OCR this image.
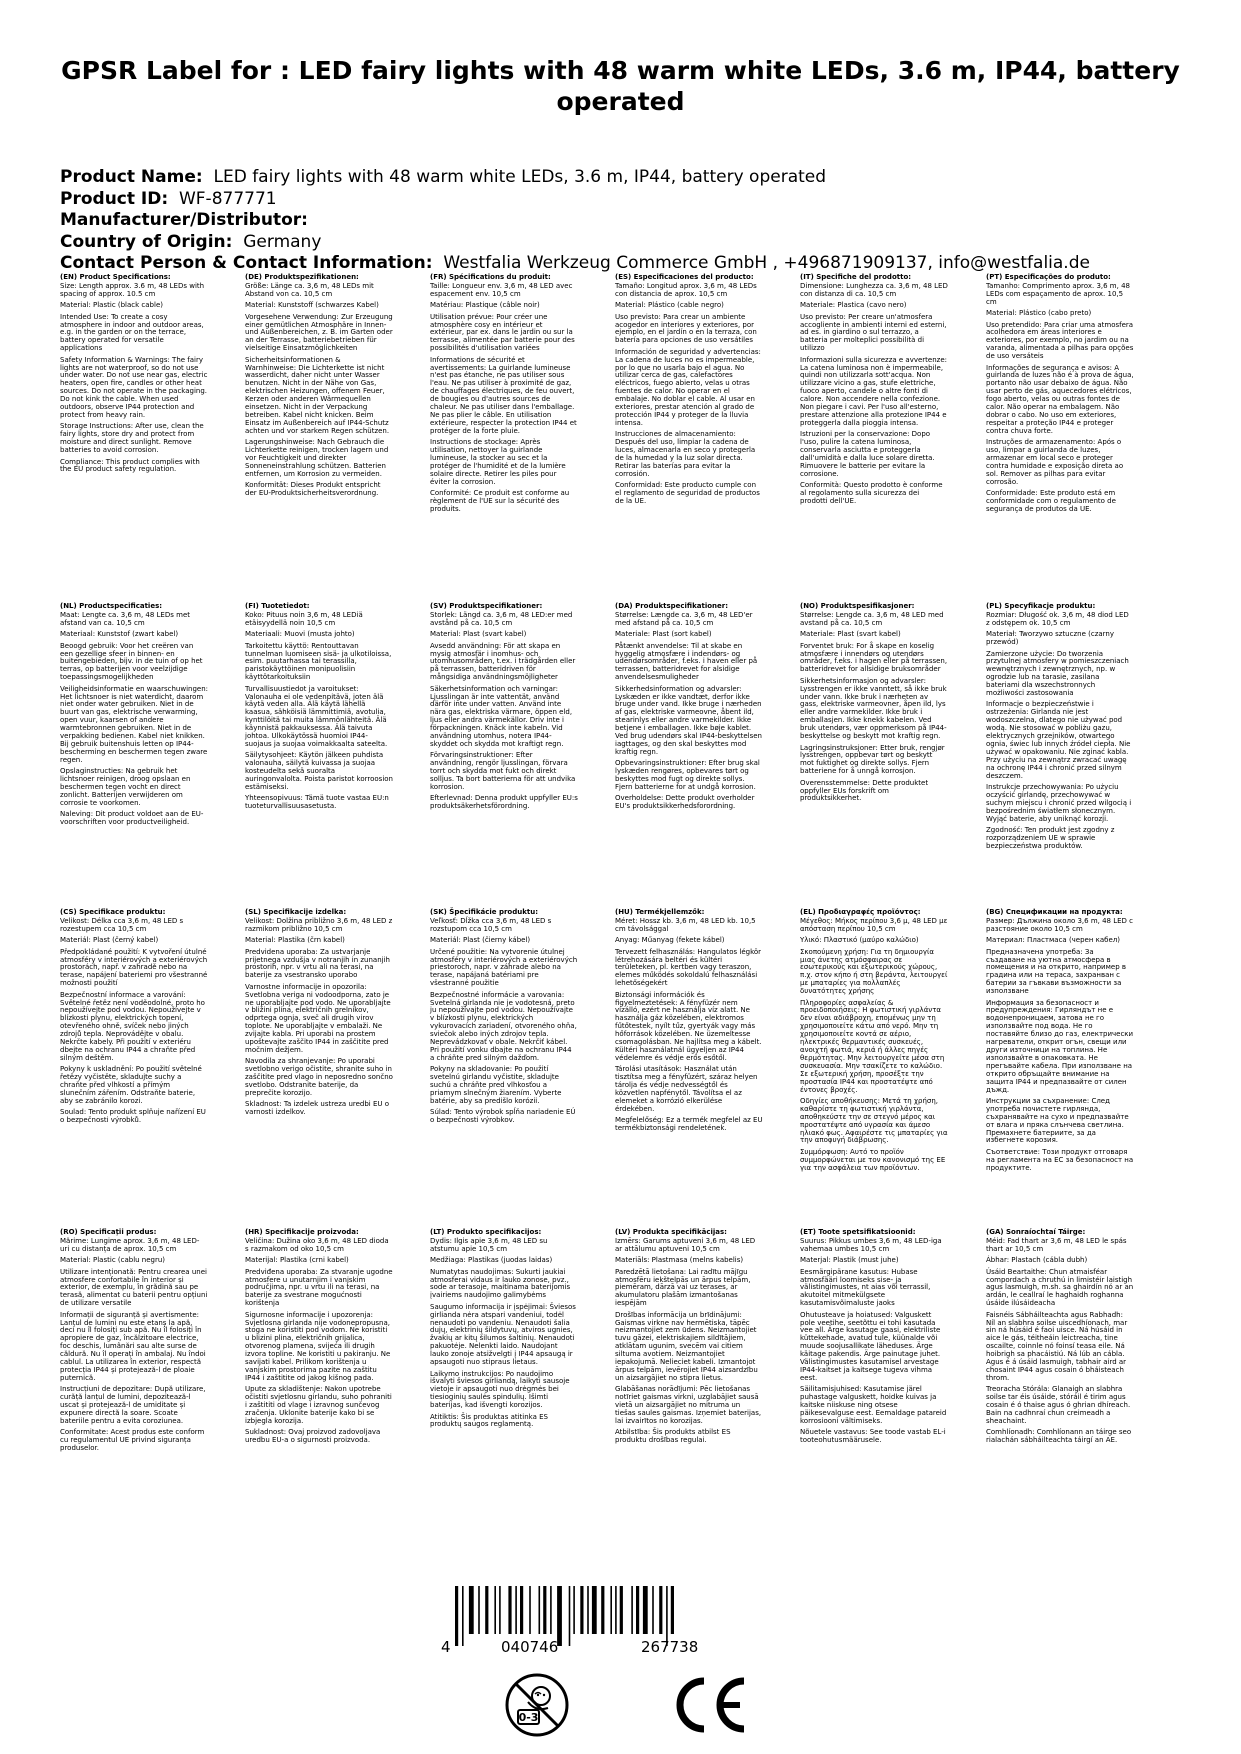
GPSR Label for : LED fairy lights with 48 warm white LEDs, 3.6 m, IP44, battery operated
Product Name: LED fairy lights with 48 warm white LEDs, 3.6 m, IP44, battery operated
Product ID: WF-877771
Manufacturer/Distributor:
Country of Origin: Germany
Contact Person & Contact Information: Westfalia Werkzeug Commerce GmbH , +496871909137, info@westfalia.de
(EN) Product Specifications:

Size: Length approx. 3.6 m, 48 LEDs with spacing of approx. 10.5 cm

Material: Plastic (black cable)

Intended Use: To create a cosy atmosphere in indoor and outdoor areas, e.g. in the garden or on the terrace, battery operated for versatile applications

Safety Information & Warnings: The fairy lights are not waterproof, so do not use under water. Do not use near gas, electric heaters, open fire, candles or other heat sources. Do not operate in the packaging. Do not kink the cable. When used outdoors, observe IP44 protection and protect from heavy rain.

Storage Instructions: After use, clean the fairy lights, store dry and protect from moisture and direct sunlight. Remove batteries to avoid corrosion.

Compliance: This product complies with the EU product safety regulation.

(DE) Produktspezifikationen:

Größe: Länge ca. 3,6 m, 48 LEDs mit Abstand von ca. 10,5 cm

Material: Kunststoff (schwarzes Kabel)

Vorgesehene Verwendung: Zur Erzeugung einer gemütlichen Atmosphäre in Innen- und Außenbereichen, z. B. im Garten oder an der Terrasse, batteriebetrieben für vielseitige Einsatzmöglichkeiten

Sicherheitsinformationen & Warnhinweise: Die Lichterkette ist nicht wasserdicht, daher nicht unter Wasser benutzen. Nicht in der Nähe von Gas, elektrischen Heizungen, offenem Feuer, Kerzen oder anderen Wärmequellen einsetzen. Nicht in der Verpackung betreiben. Kabel nicht knicken. Beim Einsatz im Außenbereich auf IP44-Schutz achten und vor starkem Regen schützen.

Lagerungshinweise: Nach Gebrauch die Lichterkette reinigen, trocken lagern und vor Feuchtigkeit und direkter Sonneneinstrahlung schützen. Batterien entfernen, um Korrosion zu vermeiden.

Konformität: Dieses Produkt entspricht der EU-Produktsicherheitsverordnung.

(FR) Spécifications du produit:

Taille: Longueur env. 3,6 m, 48 LED avec espacement env. 10,5 cm

Matériau: Plastique (câble noir)

Utilisation prévue: Pour créer une atmosphère cosy en intérieur et extérieur, par ex. dans le jardin ou sur la terrasse, alimentée par batterie pour des possibilités d'utilisation variées

Informations de sécurité et avertissements: La guirlande lumineuse n'est pas étanche, ne pas utiliser sous l'eau. Ne pas utiliser à proximité de gaz, de chauffages électriques, de feu ouvert, de bougies ou d'autres sources de chaleur. Ne pas utiliser dans l'emballage. Ne pas plier le câble. En utilisation extérieure, respecter la protection IP44 et protéger de la forte pluie.

Instructions de stockage: Après utilisation, nettoyer la guirlande lumineuse, la stocker au sec et la protéger de l'humidité et de la lumière solaire directe. Retirer les piles pour éviter la corrosion.

Conformité: Ce produit est conforme au règlement de l'UE sur la sécurité des produits.

(ES) Especificaciones del producto:

Tamaño: Longitud aprox. 3,6 m, 48 LEDs con distancia de aprox. 10,5 cm

Material: Plástico (cable negro)

Uso previsto: Para crear un ambiente acogedor en interiores y exteriores, por ejemplo, en el jardín o en la terraza, con batería para opciones de uso versátiles

Información de seguridad y advertencias: La cadena de luces no es impermeable, por lo que no usarla bajo el agua. No utilizar cerca de gas, calefactores eléctricos, fuego abierto, velas u otras fuentes de calor. No operar en el embalaje. No doblar el cable. Al usar en exteriores, prestar atención al grado de protección IP44 y proteger de la lluvia intensa.

Instrucciones de almacenamiento: Después del uso, limpiar la cadena de luces, almacenarla en seco y protegerla de la humedad y la luz solar directa. Retirar las baterías para evitar la corrosión.

Conformidad: Este producto cumple con el reglamento de seguridad de productos de la UE.

(IT) Specifiche del prodotto:

Dimensione: Lunghezza ca. 3,6 m, 48 LED con distanza di ca. 10,5 cm

Materiale: Plastica (cavo nero)

Uso previsto: Per creare un'atmosfera accogliente in ambienti interni ed esterni, ad es. in giardino o sul terrazzo, a batteria per molteplici possibilità di utilizzo

Informazioni sulla sicurezza e avvertenze: La catena luminosa non è impermeabile, quindi non utilizzarla sott'acqua. Non utilizzare vicino a gas, stufe elettriche, fuoco aperto, candele o altre fonti di calore. Non accendere nella confezione. Non piegare i cavi. Per l'uso all'esterno, prestare attenzione alla protezione IP44 e proteggerla dalla pioggia intensa.

Istruzioni per la conservazione: Dopo l'uso, pulire la catena luminosa, conservarla asciutta e proteggerla dall'umidità e dalla luce solare diretta. Rimuovere le batterie per evitare la corrosione.

Conformità: Questo prodotto è conforme al regolamento sulla sicurezza dei prodotti dell'UE.

(PT) Especificações do produto:

Tamanho: Comprimento aprox. 3,6 m, 48 LEDs com espaçamento de aprox. 10,5 cm

Material: Plástico (cabo preto)

Uso pretendido: Para criar uma atmosfera acolhedora em áreas interiores e exteriores, por exemplo, no jardim ou na varanda, alimentada a pilhas para opções de uso versáteis

Informações de segurança e avisos: A guirlanda de luzes não é à prova de água, portanto não usar debaixo de água. Não usar perto de gás, aquecedores elétricos, fogo aberto, velas ou outras fontes de calor. Não operar na embalagem. Não dobrar o cabo. No uso em exteriores, respeitar a proteção IP44 e proteger contra chuva forte.

Instruções de armazenamento: Após o uso, limpar a guirlanda de luzes, armazenar em local seco e proteger contra humidade e exposição direta ao sol. Remover as pilhas para evitar corrosão.

Conformidade: Este produto está em conformidade com o regulamento de segurança de produtos da UE.

(NL) Productspecificaties:

Maat: Lengte ca. 3,6 m, 48 LEDs met afstand van ca. 10,5 cm

Materiaal: Kunststof (zwart kabel)

Beoogd gebruik: Voor het creëren van een gezellige sfeer in binnen- en buitengebieden, bijv. in de tuin of op het terras, op batterijen voor veelzijdige toepassingsmogelijkheden

Veiligheidsinformatie en waarschuwingen: Het lichtsnoer is niet waterdicht, daarom niet onder water gebruiken. Niet in de buurt van gas, elektrische verwarming, open vuur, kaarsen of andere warmtebronnen gebruiken. Niet in de verpakking bedienen. Kabel niet knikken. Bij gebruik buitenshuis letten op IP44-bescherming en beschermen tegen zware regen.

Opslaginstructies: Na gebruik het lichtsnoer reinigen, droog opslaan en beschermen tegen vocht en direct zonlicht. Batterijen verwijderen om corrosie te voorkomen.

Naleving: Dit product voldoet aan de EU-voorschriften voor productveiligheid.

(FI) Tuotetiedot:

Koko: Pituus noin 3,6 m, 48 LEDiä etäisyydellä noin 10,5 cm

Materiaali: Muovi (musta johto)

Tarkoitettu käyttö: Rentouttavan tunnelman luomiseen sisä- ja ulkotiloissa, esim. puutarhassa tai terassilla, paristokäyttöinen monipuolisiin käyttötarkoituksiin

Turvallisuustiedot ja varoitukset: Valonauha ei ole vedenpitävä, joten älä käytä veden alla. Älä käytä lähellä kaasua, sähköisiä lämmittimiä, avotulia, kynttilöitä tai muita lämmönlähteitä. Älä käynnistä pakkauksessa. Älä taivuta johtoa. Ulkokäytössä huomioi IP44-suojaus ja suojaa voimakkaalta sateelta.

Säilytysohjeet: Käytön jälkeen puhdista valonauha, säilytä kuivassa ja suojaa kosteudelta sekä suoralta auringonvalolta. Poista paristot korroosion estämiseksi.

Yhteensopivuus: Tämä tuote vastaa EU:n tuoteturvallisuusasetusta.

(SV) Produktspecifikationer:

Storlek: Längd ca. 3,6 m, 48 LED:er med avstånd på ca. 10,5 cm

Material: Plast (svart kabel)

Avsedd användning: För att skapa en mysig atmosfär i inomhus- och utomhusområden, t.ex. i trädgården eller på terrassen, batteridriven för mångsidiga användningsmöjligheter

Säkerhetsinformation och varningar: Ljusslingan är inte vattentät, använd därför inte under vatten. Använd inte nära gas, elektriska värmare, öppen eld, ljus eller andra värmekällor. Driv inte i förpackningen. Knäck inte kabeln. Vid användning utomhus, notera IP44-skyddet och skydda mot kraftigt regn.

Förvaringsinstruktioner: Efter användning, rengör ljusslingan, förvara torrt och skydda mot fukt och direkt solljus. Ta bort batterierna för att undvika korrosion.

Efterlevnad: Denna produkt uppfyller EU:s produktsäkerhetsförordning.

(DA) Produktspecifikationer:

Størrelse: Længde ca. 3,6 m, 48 LED'er med afstand på ca. 10,5 cm

Materiale: Plast (sort kabel)

Påtænkt anvendelse: Til at skabe en hyggelig atmosfære i indendørs- og udendørsområder, f.eks. i haven eller på terrassen, batteridrevet for alsidige anvendelsesmuligheder

Sikkerhedsinformation og advarsler: Lyskæden er ikke vandtæt, derfor ikke bruge under vand. Ikke bruge i nærheden af gas, elektriske varmeovne, åbent ild, stearinlys eller andre varmekilder. Ikke betjene i emballagen. Ikke bøje kablet. Ved brug udendørs skal IP44-beskyttelsen iagttages, og den skal beskyttes mod kraftig regn.

Opbevaringsinstruktioner: Efter brug skal lyskæden rengøres, opbevares tørt og beskyttes mod fugt og direkte sollys. Fjern batterierne for at undgå korrosion.

Overholdelse: Dette produkt overholder EU's produktsikkerhedsforordning.

(NO) Produktspesifikasjoner:

Størrelse: Lengde ca. 3,6 m, 48 LED med avstand på ca. 10,5 cm

Materiale: Plast (svart kabel)

Forventet bruk: For å skape en koselig atmosfære i innendørs og utendørs områder, f.eks. i hagen eller på terrassen, batteridrevet for allsidige bruksområder

Sikkerhetsinformasjon og advarsler: Lysstrengen er ikke vanntett, så ikke bruk under vann. Ikke bruk i nærheten av gass, elektriske varmeovner, åpen ild, lys eller andre varmekilder. Ikke bruk i emballasjen. Ikke knekk kabelen. Ved bruk utendørs, vær oppmerksom på IP44-beskyttelse og beskytt mot kraftig regn.

Lagringsinstruksjoner: Etter bruk, rengjør lysstrengen, oppbevar tørt og beskytt mot fuktighet og direkte sollys. Fjern batteriene for å unngå korrosjon.

Overensstemmelse: Dette produktet oppfyller EUs forskrift om produktsikkerhet.

(PL) Specyfikacje produktu:

Rozmiar: Długość ok. 3,6 m, 48 diod LED z odstępem ok. 10,5 cm

Materiał: Tworzywo sztuczne (czarny przewód)

Zamierzone użycie: Do tworzenia przytulnej atmosfery w pomieszczeniach wewnętrznych i zewnętrznych, np. w ogrodzie lub na tarasie, zasilana bateriami dla wszechstronnych możliwości zastosowania

Informacje o bezpieczeństwie i ostrzeżenia: Girlanda nie jest wodoszczelna, dlatego nie używać pod wodą. Nie stosować w pobliżu gazu, elektrycznych grzejników, otwartego ognia, świec lub innych źródeł ciepła. Nie używać w opakowaniu. Nie zginać kabla. Przy użyciu na zewnątrz zwracać uwagę na ochronę IP44 i chronić przed silnym deszczem.

Instrukcje przechowywania: Po użyciu oczyścić girlandę, przechowywać w suchym miejscu i chronić przed wilgocią i bezpośrednim światłem słonecznym. Wyjąć baterie, aby uniknąć korozji.

Zgodność: Ten produkt jest zgodny z rozporządzeniem UE w sprawie bezpieczeństwa produktów.

(CS) Specifikace produktu:

Velikost: Délka cca 3,6 m, 48 LED s rozestupem cca 10,5 cm

Materiál: Plast (černý kabel)

Předpokládané použití: K vytvoření útulné atmosféry v interiérových a exteriérových prostorách, např. v zahradě nebo na terase, napájení bateriemi pro všestranné možnosti použití

Bezpečnostní informace a varování: Světelné řetěz není voděodolné, proto ho nepoužívejte pod vodou. Nepoužívejte v blízkosti plynu, elektrických topení, otevřeného ohně, svíček nebo jiných zdrojů tepla. Neprovádějte v obalu. Nekrčte kabely. Při použití v exteriéru dbejte na ochranu IP44 a chraňte před silným deštěm.

Pokyny k uskladnění: Po použití světelné řetězy vyčistěte, skladujte suchy a chraňte před vlhkostí a přímým slunečním zářením. Odstraňte baterie, aby se zabránilo korozi.

Soulad: Tento produkt splňuje nařízení EU o bezpečnosti výrobků.

(SL) Specifikacije izdelka:

Velikost: Dolžina približno 3,6 m, 48 LED z razmikom približno 10,5 cm

Material: Plastika (črn kabel)

Predvidena uporaba: Za ustvarjanje prijetnega vzdušja v notranjih in zunanjih prostorih, npr. v vrtu ali na terasi, na baterije za vsestransko uporabo

Varnostne informacije in opozorila: Svetlobna veriga ni vodoodporna, zato je ne uporabljajte pod vodo. Ne uporabljajte v bližini plina, električnih grelnikov, odprtega ognja, sveč ali drugih virov toplote. Ne uporabljajte v embalaži. Ne zvijajte kabla. Pri uporabi na prostem upoštevajte zaščito IP44 in zaščitite pred močnim dežjem.

Navodila za shranjevanje: Po uporabi svetlobno verigo očistite, shranite suho in zaščitite pred vlago in neposredno sončno svetlobo. Odstranite baterije, da preprečite korozijo.

Skladnost: Ta izdelek ustreza uredbi EU o varnosti izdelkov.

(SK) Špecifikácie produktu:

Veľkosť: Dĺžka cca 3,6 m, 48 LED s rozstupom cca 10,5 cm

Materiál: Plast (čierny kábel)

Určené použitie: Na vytvorenie útulnej atmosféry v interiérových a exteriérových priestoroch, napr. v záhrade alebo na terase, napájaná batériami pre všestranné použitie

Bezpečnostné informácie a varovania: Svetelná girlanda nie je vodotesná, preto ju nepoužívajte pod vodou. Nepoužívajte v blízkosti plynu, elektrických vykurovacích zariadení, otvoreného ohňa, sviečok alebo iných zdrojov tepla. Neprevádzkovať v obale. Nekrčiť kábel. Pri použití vonku dbajte na ochranu IP44 a chráňte pred silným dažďom.

Pokyny na skladovanie: Po použití svetelnú girlandu vyčistite, skladujte suchú a chráňte pred vlhkosťou a priamym slnečným žiarením. Vyberte batérie, aby sa predišlo korózii.

Súlad: Tento výrobok spĺňa nariadenie EÚ o bezpečnosti výrobkov.

(HU) Termékjellemzők:

Méret: Hossz kb. 3,6 m, 48 LED kb. 10,5 cm távolsággal

Anyag: Műanyag (fekete kábel)

Tervezett felhasználás: Hangulatos légkör létrehozására beltéri és kültéri területeken, pl. kertben vagy teraszon, elemes működés sokoldalú felhasználási lehetőségekért

Biztonsági információk és figyelmeztetések: A fényfüzér nem vízálló, ezért ne használja víz alatt. Ne használja gáz közelében, elektromos fűtőtestek, nyílt tűz, gyertyák vagy más hőforrások közelében. Ne üzemeltesse csomagolásban. Ne hajlítsa meg a kábelt. Kültéri használatnál ügyeljen az IP44 védelemre és védje erős esőtől.

Tárolási utasítások: Használat után tisztítsa meg a fényfüzért, száraz helyen tárolja és védje nedvességtől és közvetlen napfénytől. Távolítsa el az elemeket a korrózió elkerülése érdekében.

Megfelelőség: Ez a termék megfelel az EU termékbiztonsági rendeletének.

(EL) Προδιαγραφές προϊόντος:

Μέγεθος: Μήκος περίπου 3,6 μ, 48 LED με απόσταση περίπου 10,5 cm

Υλικό: Πλαστικό (μαύρο καλώδιο)

Σκοπούμενη χρήση: Για τη δημιουργία μιας άνετης ατμόσφαιρας σε εσωτερικούς και εξωτερικούς χώρους, π.χ. στον κήπο ή στη βεράντα, λειτουργεί με μπαταρίες για πολλαπλές δυνατότητες χρήσης

Πληροφορίες ασφαλείας & προειδοποιήσεις: Η φωτιστική γιρλάντα δεν είναι αδιάβροχη, επομένως μην τη χρησιμοποιείτε κάτω από νερό. Μην τη χρησιμοποιείτε κοντά σε αέριο, ηλεκτρικές θερμαντικές συσκευές, ανοιχτή φωτιά, κεριά ή άλλες πηγές θερμότητας. Μην λειτουργείτε μέσα στη συσκευασία. Μην τσακίζετε το καλώδιο. Σε εξωτερική χρήση, προσέξτε την προστασία IP44 και προστατέψτε από έντονες βροχές.

Οδηγίες αποθήκευσης: Μετά τη χρήση, καθαρίστε τη φωτιστική γιρλάντα, αποθηκεύστε την σε στεγνό μέρος και προστατέψτε από υγρασία και άμεσο ηλιακό φως. Αφαιρέστε τις μπαταρίες για την αποφυγή διάβρωσης.

Συμμόρφωση: Αυτό το προϊόν συμμορφώνεται με τον κανονισμό της ΕΕ για την ασφάλεια των προϊόντων.

(BG) Спецификации на продукта:

Размер: Дължина около 3,6 m, 48 LED с разстояние около 10,5 cm

Материал: Пластмаса (черен кабел)

Предназначена употреба: За създаване на уютна атмосфера в помещения и на открито, например в градина или на тераса, захранван с батерии за гъвкави възможности за използване

Информация за безопасност и предупреждения: Гирляндът не е водонепроницаем, затова не го използвайте под вода. Не го поставяйте близо до газ, електрически нагреватели, открит огън, свещи или други източници на топлина. Не използвайте в опаковката. Не прегъвайте кабела. При използване на открито обръщайте внимание на защита IP44 и предпазвайте от силен дъжд.

Инструкции за съхранение: След употреба почистете гирлянда, съхранявайте на сухо и предпазвайте от влага и пряка слънчева светлина. Премахнете батериите, за да избегнете корозия.

Съответствие: Този продукт отговаря на регламента на ЕС за безопасност на продуктите.

(RO) Specificații produs:

Mărime: Lungime aprox. 3,6 m, 48 LED-uri cu distanța de aprox. 10,5 cm

Material: Plastic (cablu negru)

Utilizare intenționată: Pentru crearea unei atmosfere confortabile în interior și exterior, de exemplu, în grădină sau pe terasă, alimentat cu baterii pentru opțiuni de utilizare versatile

Informații de siguranță și avertismente: Lanțul de lumini nu este etanș la apă, deci nu îl folosiți sub apă. Nu îl folosiți în apropiere de gaz, încălzitoare electrice, foc deschis, lumânări sau alte surse de căldură. Nu îl operați în ambalaj. Nu îndoi cablul. La utilizarea în exterior, respectă protecția IP44 și protejează-l de ploaie puternică.

Instrucțiuni de depozitare: După utilizare, curăță lanțul de lumini, depozitează-l uscat și protejează-l de umiditate și expunere directă la soare. Scoate bateriile pentru a evita coroziunea.

Conformitate: Acest produs este conform cu regulamentul UE privind siguranța produselor.

(HR) Specifikacije proizvoda:

Veličina: Dužina oko 3,6 m, 48 LED dioda s razmakom od oko 10,5 cm

Materijal: Plastika (crni kabel)

Predviđena uporaba: Za stvaranje ugodne atmosfere u unutarnjim i vanjskim područjima, npr. u vrtu ili na terasi, na baterije za svestrane mogućnosti korištenja

Sigurnosne informacije i upozorenja: Svjetlosna girlanda nije vodonepropusna, stoga ne koristiti pod vodom. Ne koristiti u blizini plina, električnih grijalica, otvorenog plamena, svijeća ili drugih izvora topline. Ne koristiti u pakiranju. Ne savijati kabel. Prilikom korištenja u vanjskim prostorima pazite na zaštitu IP44 i zaštitite od jakog kišnog pada.

Upute za skladištenje: Nakon upotrebe očistiti svjetlosnu girlandu, suho pohraniti i zaštititi od vlage i izravnog sunčevog zračenja. Uklonite baterije kako bi se izbjegla korozija.

Sukladnost: Ovaj proizvod zadovoljava uredbu EU-a o sigurnosti proizvoda.

(LT) Produkto specifikacijos:

Dydis: Ilgis apie 3,6 m, 48 LED su atstumu apie 10,5 cm

Medžiaga: Plastikas (juodas laidas)

Numatytas naudojimas: Sukurti jaukiai atmosferai vidaus ir lauko zonose, pvz., sode ar terasoje, maitinama baterijomis įvairiems naudojimo galimybėms

Saugumo informacija ir įspėjimai: Šviesos girlianda nėra atspari vandeniui, todėl nenaudoti po vandeniu. Nenaudoti šalia dujų, elektrinių šildytuvų, atviros ugnies, žvakių ar kitų šilumos šaltinių. Nenaudoti pakuotėje. Nelenkti laido. Naudojant lauko zonoje atsižvelgti į IP44 apsaugą ir apsaugoti nuo stipraus lietaus.

Laikymo instrukcijos: Po naudojimo išvalyti šviesos girliandą, laikyti sausoje vietoje ir apsaugoti nuo drėgmės bei tiesioginių saulės spindulių. Išimti baterijas, kad išvengti korozijos.

Atitiktis: Šis produktas atitinka ES produktų saugos reglamentą.

(LV) Produkta specifikācijas:

Izmērs: Garums aptuveni 3,6 m, 48 LED ar attālumu aptuveni 10,5 cm

Materiāls: Plastmasa (melns kabelis)

Paredzētā lietošana: Lai radītu mājīgu atmosfēru iekštelpās un ārpus telpām, piemēram, dārzā vai uz terases, ar akumulatoru plašām izmantošanas iespējām

Drošības informācija un brīdinājumi: Gaismas virkne nav hermētiska, tāpēc neizmantojiet zem ūdens. Neizmantojiet tuvu gāzei, elektriskajiem sildītājiem, atklātam ugunim, svecēm vai citiem siltuma avotiem. Neizmantojiet iepakojumā. Nelieciet kabeli. Izmantojot ārpus telpām, ievērojiet IP44 aizsardzību un aizsargājiet no stipra lietus.

Glabāšanas norādījumi: Pēc lietošanas notīriet gaismas virkni, uzglabājiet sausā vietā un aizsargājiet no mitruma un tiešas saules gaismas. Izņemiet baterijas, lai izvairītos no korozijas.

Atbilstība: Šis produkts atbilst ES produktu drošības regulai.

(ET) Toote spetsifikatsioonid:

Suurus: Pikkus umbes 3,6 m, 48 LED-iga vahemaa umbes 10,5 cm

Materjal: Plastik (must juhe)

Eesmärgipärane kasutus: Hubase atmosfääri loomiseks sise- ja välistingimustes, nt aias või terrassil, akutoitel mitmekülgsete kasutamisvõimaluste jaoks

Ohutusteave ja hoiatused: Valguskett pole veetihe, seetõttu ei tohi kasutada vee all. Ärge kasutage gaasi, elektriliste küttekehade, avatud tule, küünalde või muude soojusallikate läheduses. Ärge käitage pakendis. Ärge painutage juhet. Välistingimustes kasutamisel arvestage IP44-kaitset ja kaitsege tugeva vihma eest.

Säilitamisjuhised: Kasutamise järel puhastage valguskett, hoidke kuivas ja kaitske niiskuse ning otsese päikesevalguse eest. Eemaldage patareid korrosiooni vältimiseks.

Nõuetele vastavus: See toode vastab EL-i tooteohutusmäärusele.

(GA) Sonraíochtaí Táirge:

Méid: Fad thart ar 3,6 m, 48 LED le spás thart ar 10,5 cm

Ábhar: Plastach (cábla dubh)

Úsáid Beartaithe: Chun atmaisféar compordach a chruthú in limistéir laistigh agus lasmuigh, m.sh. sa ghairdín nó ar an ardán, le ceallraí le haghaidh roghanna úsáide ilúsáideacha

Faisnéis Sábháilteachta agus Rabhadh: Níl an slabhra soilse uiscedhíonach, mar sin ná húsáid é faoi uisce. Ná húsáid in aice le gás, téitheáin leictreacha, tine oscailte, coinnle nó foinsí teasa eile. Ná hoibrigh sa phacáistiú. Ná lúb an cábla. Agus é á úsáid lasmuigh, tabhair aird ar chosaint IP44 agus cosain ó bháisteach throm.

Treoracha Stórála: Glanaigh an slabhra soilse tar éis úsáide, stóráil é tirim agus cosain é ó thaise agus ó ghrian dhíreach. Bain na cadhnraí chun creimeadh a sheachaint.

Comhlíonadh: Comhlíonann an táirge seo rialachán sábháilteachta táirgí an AE.

4	040746	267738
0-3
